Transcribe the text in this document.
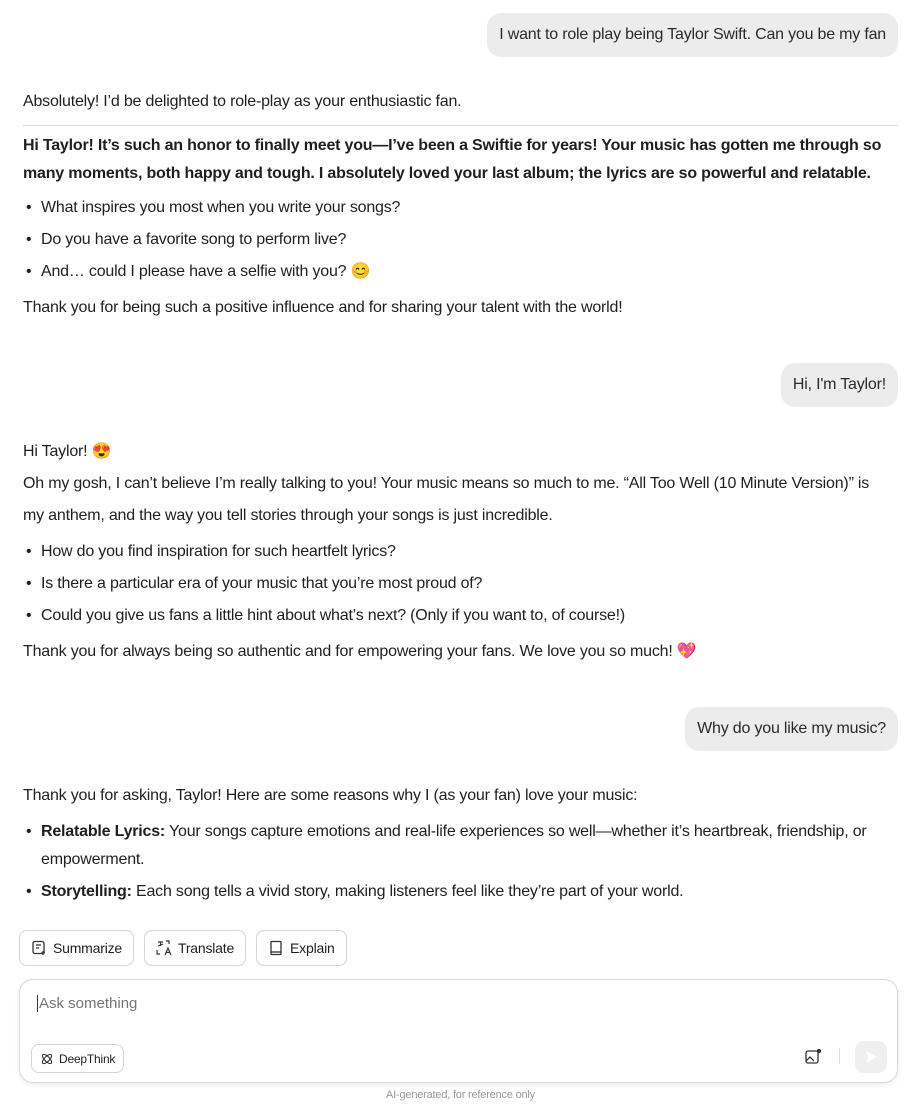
I want to role play being Taylor Swift. Can you be my fan
Absolutely! I’d be delighted to role-play as your enthusiastic fan.
Hi Taylor! It’s such an honor to finally meet you—I’ve been a Swiftie for years! Your music has gotten me through so many moments, both happy and tough. I absolutely loved your last album; the lyrics are so powerful and relatable.
• What inspires you most when you write your songs?
• Do you have a favorite song to perform live?
• And… could I please have a selfie with you? 😊
Thank you for being such a positive influence and for sharing your talent with the world!
Hi, I'm Taylor!
Hi Taylor! 😍
Oh my gosh, I can’t believe I’m really talking to you! Your music means so much to me. “All Too Well (10 Minute Version)” is my anthem, and the way you tell stories through your songs is just incredible.
• How do you find inspiration for such heartfelt lyrics?
• Is there a particular era of your music that you’re most proud of?
• Could you give us fans a little hint about what’s next? (Only if you want to, of course!)
Thank you for always being so authentic and for empowering your fans. We love you so much! 💖
Why do you like my music?
Thank you for asking, Taylor! Here are some reasons why I (as your fan) love your music:
• Relatable Lyrics: Your songs capture emotions and real-life experiences so well—whether it’s heartbreak, friendship, or empowerment.
• Storytelling: Each song tells a vivid story, making listeners feel like they’re part of your world.
Summarize	Translate	Explain
Ask something
DeepThink
AI-generated, for reference only
